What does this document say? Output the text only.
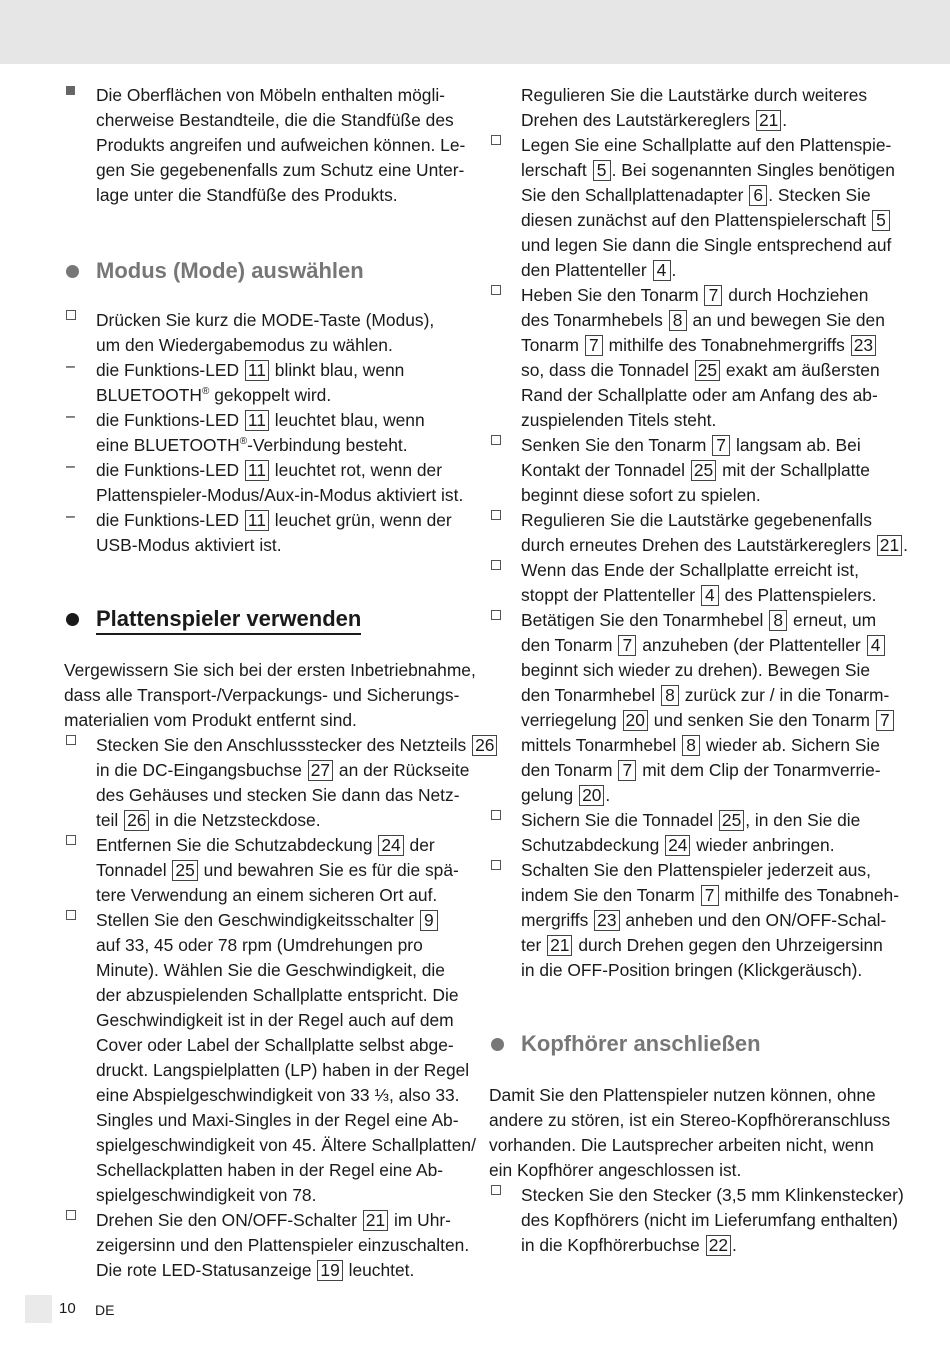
Die Oberflächen von Möbeln enthalten mögli-
cherweise Bestandteile, die die Standfüße des
Produkts angreifen und aufweichen können. Le-
gen Sie gegebenenfalls zum Schutz eine Unter-
lage unter die Standfüße des Produkts.
Modus (Mode) auswählen
Drücken Sie kurz die MODE-Taste (Modus),
um den Wiedergabemodus zu wählen.
–	die Funktions-LED 11 blinkt blau, wenn
BLUETOOTH® gekoppelt wird.
–	die Funktions-LED 11 leuchtet blau, wenn
eine BLUETOOTH®-Verbindung besteht.
–	die Funktions-LED 11 leuchtet rot, wenn der
Plattenspieler-Modus/Aux-in-Modus aktiviert ist.
–	die Funktions-LED 11 leuchet grün, wenn der
USB-Modus aktiviert ist.
Plattenspieler verwenden
Vergewissern Sie sich bei der ersten Inbetriebnahme,
dass alle Transport-/Verpackungs- und Sicherungs-
materialien vom Produkt entfernt sind.
Stecken Sie den Anschlussstecker des Netzteils 26
in die DC-Eingangsbuchse 27 an der Rückseite
des Gehäuses und stecken Sie dann das Netz-
teil 26 in die Netzsteckdose.
Entfernen Sie die Schutzabdeckung 24 der
Tonnadel 25 und bewahren Sie es für die spä-
tere Verwendung an einem sicheren Ort auf.
Stellen Sie den Geschwindigkeitsschalter 9
auf 33, 45 oder 78 rpm (Umdrehungen pro
Minute). Wählen Sie die Geschwindigkeit, die
der abzuspielenden Schallplatte entspricht. Die
Geschwindigkeit ist in der Regel auch auf dem
Cover oder Label der Schallplatte selbst abge-
druckt. Langspielplatten (LP) haben in der Regel
eine Abspielgeschwindigkeit von 33 ⅓, also 33.
Singles und Maxi-Singles in der Regel eine Ab-
spielgeschwindigkeit von 45. Ältere Schallplatten/
Schellackplatten haben in der Regel eine Ab-
spielgeschwindigkeit von 78.
Drehen Sie den ON/OFF-Schalter 21 im Uhr-
zeigersinn und den Plattenspieler einzuschalten.
Die rote LED-Statusanzeige 19 leuchtet.
Regulieren Sie die Lautstärke durch weiteres
Drehen des Lautstärkereglers 21 .
Legen Sie eine Schallplatte auf den Plattenspie-
lerschaft 5 . Bei sogenannten Singles benötigen
Sie den Schallplattenadapter 6 . Stecken Sie
diesen zunächst auf den Plattenspielerschaft 5
und legen Sie dann die Single entsprechend auf
den Plattenteller 4 .
Heben Sie den Tonarm 7 durch Hochziehen
des Tonarmhebels 8 an und bewegen Sie den
Tonarm 7 mithilfe des Tonabnehmergriffs 23
so, dass die Tonnadel 25 exakt am äußersten
Rand der Schallplatte oder am Anfang des ab-
zuspielenden Titels steht.
Senken Sie den Tonarm 7 langsam ab. Bei
Kontakt der Tonnadel 25 mit der Schallplatte
beginnt diese sofort zu spielen.
Regulieren Sie die Lautstärke gegebenenfalls
durch erneutes Drehen des Lautstärkereglers 21 .
Wenn das Ende der Schallplatte erreicht ist,
stoppt der Plattenteller 4 des Plattenspielers.
Betätigen Sie den Tonarmhebel 8 erneut, um
den Tonarm 7 anzuheben (der Plattenteller 4
beginnt sich wieder zu drehen). Bewegen Sie
den Tonarmhebel 8 zurück zur / in die Tonarm-
verriegelung 20 und senken Sie den Tonarm 7
mittels Tonarmhebel 8 wieder ab. Sichern Sie
den Tonarm 7 mit dem Clip der Tonarmverrie-
gelung 20 .
Sichern Sie die Tonnadel 25 , in den Sie die
Schutzabdeckung 24 wieder anbringen.
Schalten Sie den Plattenspieler jederzeit aus,
indem Sie den Tonarm 7 mithilfe des Tonabneh-
mergriffs 23 anheben und den ON/OFF-Schal-
ter 21 durch Drehen gegen den Uhrzeigersinn
in die OFF-Position bringen (Klickgeräusch).
Kopfhörer anschließen
Damit Sie den Plattenspieler nutzen können, ohne
andere zu stören, ist ein Stereo-Kopfhöreranschluss
vorhanden. Die Lautsprecher arbeiten nicht, wenn
ein Kopfhörer angeschlossen ist.
Stecken Sie den Stecker (3,5 mm Klinkenstecker)
des Kopfhörers (nicht im Lieferumfang enthalten)
in die Kopfhörerbuchse 22 .
10 DE
